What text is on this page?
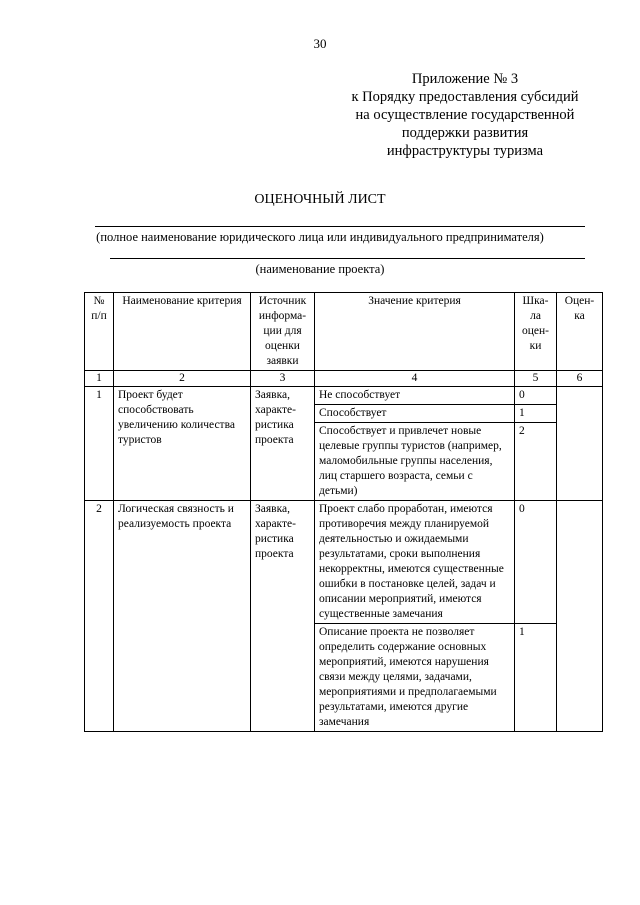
30
Приложение № 3
к Порядку предоставления субсидий
на осуществление государственной
поддержки развития
инфраструктуры туризма
ОЦЕНОЧНЫЙ ЛИСТ
(полное наименование юридического лица или индивидуального предпринимателя)
(наименование проекта)
№ п/п	Наименование критерия	Источник информа-ции для оценки заявки	Значение критерия	Шка-ла оцен-ки	Оцен-ка
1	2	3	4	5	6
1	Проект будет способствовать увеличению количества туристов	Заявка, характе-ристика проекта	Не способствует	0	
			Способствует	1	
			Способствует и привлечет новые целевые группы туристов (например, маломобильные группы населения, лиц старшего возраста, семьи с детьми)	2	
2	Логическая связность и реализуемость проекта	Заявка, характе-ристика проекта	Проект слабо проработан, имеются противоречия между планируемой деятельностью и ожидаемыми результатами, сроки выполнения некорректны, имеются существенные ошибки в постановке целей, задач и описании мероприятий, имеются существенные замечания	0	
			Описание проекта не позволяет определить содержание основных мероприятий, имеются нарушения связи между целями, задачами, мероприятиями и предполагаемыми результатами, имеются другие замечания	1	
